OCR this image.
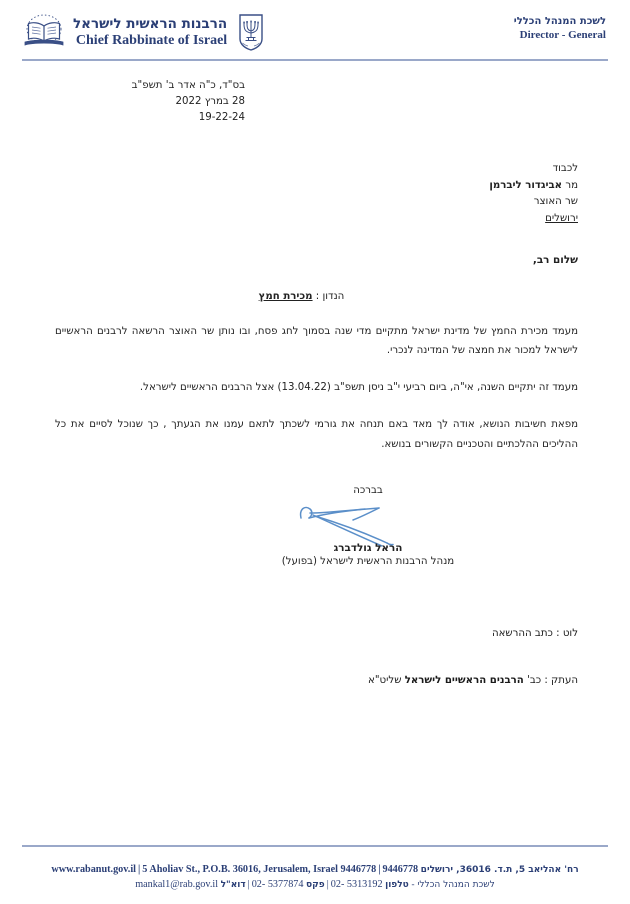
הרבנות הראשית לישראל
Chief Rabbinate of Israel
לשכת המנהל הכללי
Director - General
בס"ד, כ"ה אדר ב' תשפ"ב
28 במרץ 2022
19-22-24
לכבוד
מר אביגדור ליברמן
שר האוצר
ירושלים
שלום רב,
הנדון : מכירת חמץ
מעמד מכירת החמץ של מדינת ישראל מתקיים מדי שנה בסמוך לחג פסח, ובו נותן שר האוצר הרשאה לרבנים הראשיים לישראל למכור את חמצה של המדינה לנכרי.
מעמד זה יתקיים השנה, אי"ה, ביום רביעי י"ב ניסן תשפ"ב (13.04.22) אצל הרבנים הראשיים לישראל.
מפאת חשיבות הנושא, אודה לך מאד באם תנחה את גורמי לשכתך לתאם עמנו את הגעתך , כך שנוכל לסיים את כל ההליכים ההלכתיים והטכניים הקשורים בנושא.
בברכה
הראל גולדברג
מנהל הרבנות הראשית לישראל (בפועל)
לוט : כתב ההרשאה
העתק : כב' הרבנים הראשיים לישראל שליט"א
www.rabanut.gov.il | 5 Aholiav St., P.O.B. 36016, Jerusalem, Israel 9446778 | 9446778 רח' אהליאב 5, ת.ד. 36016, ירושלים
mankal1@rab.gov.il דוא"ל | 02- 5377874 פקס | 02- 5313192 טלפון לשכת המנהל הכללי -
